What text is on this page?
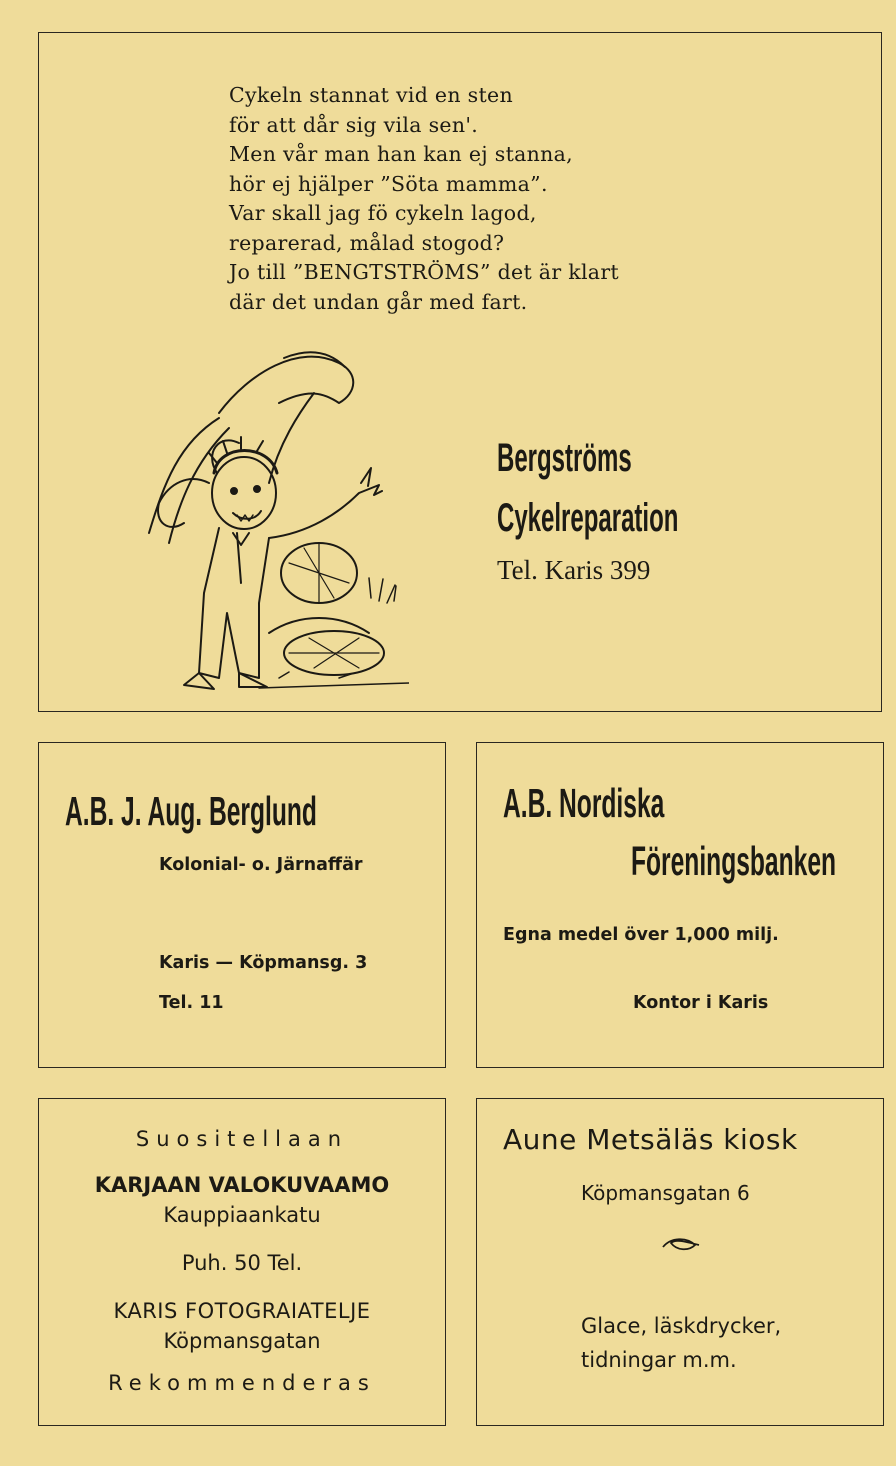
Cykeln stannat vid en sten
för att dår sig vila sen'.
Men vår man han kan ej stanna,
hör ej hjälper ”Söta mamma”.
Var skall jag fö cykeln lagod,
reparerad, målad stogod?
Jo till ”BENGTSTRÖMS” det är klart
där det undan går med fart.
Bergströms
Cykelreparation
Tel. Karis 399
A.B. J. Aug. Berglund
Kolonial- o. Järnaffär
Karis — Köpmansg. 3
Tel. 11
A.B. Nordiska
Föreningsbanken
Egna medel över 1,000 milj.
Kontor i Karis
Suositellaan
KARJAAN VALOKUVAAMO
Kauppiaankatu
Puh. 50 Tel.
KARIS FOTOGRAIATELJE
Köpmansgatan
Rekommenderas
Aune Metsäläs kiosk
Köpmansgatan 6
Glace, läskdrycker, tidningar m.m.
